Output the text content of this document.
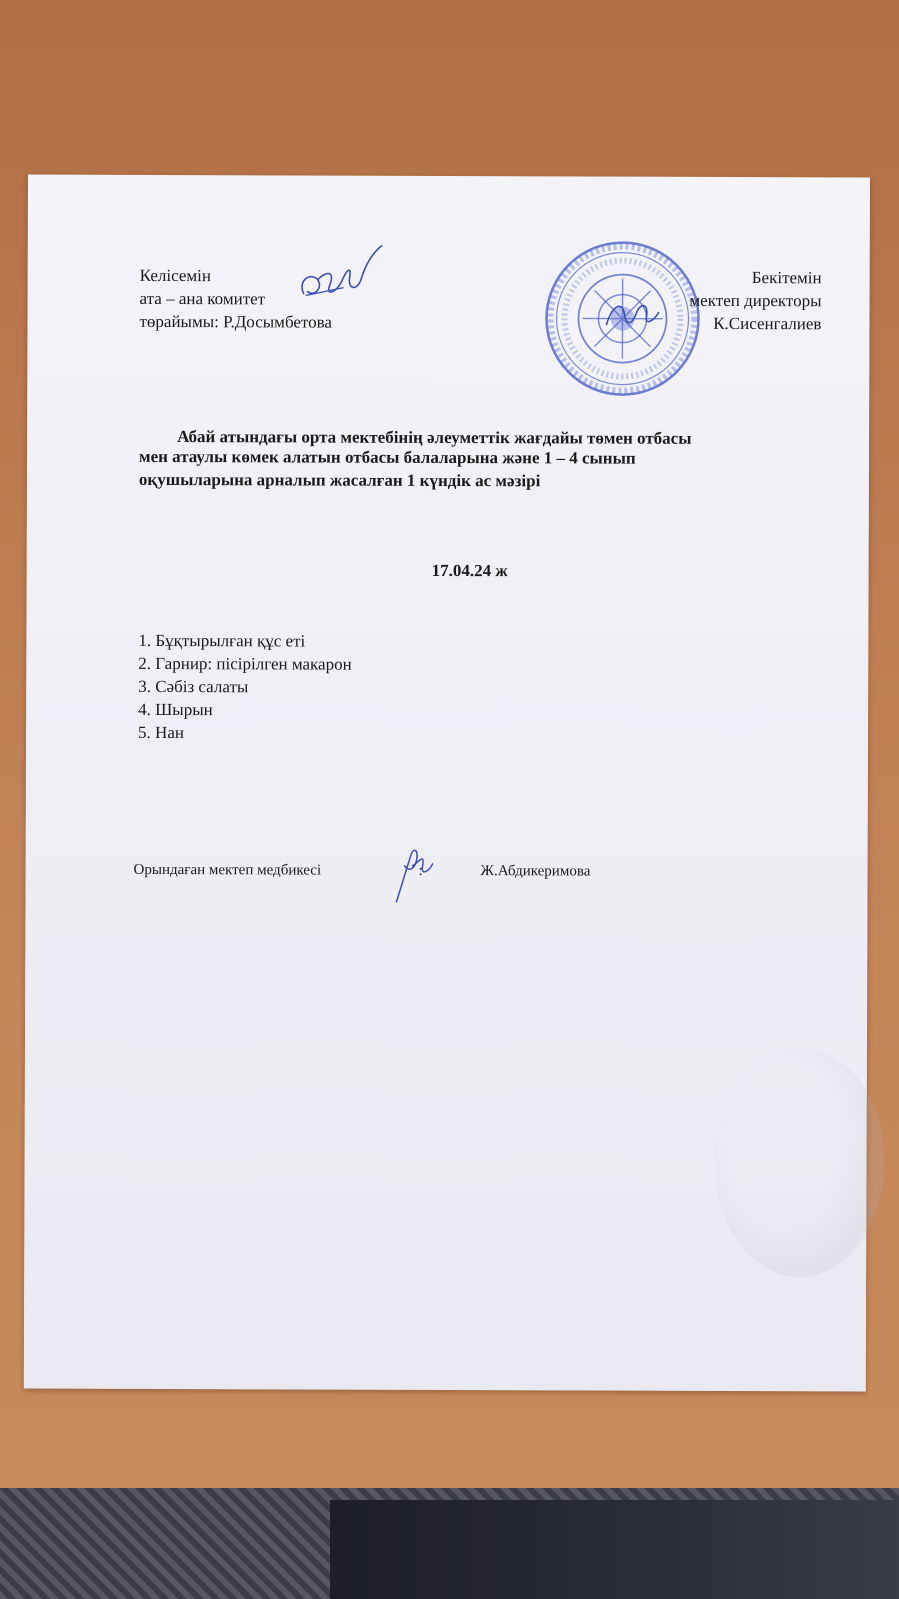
Келісемін
ата – ана комитет
төрайымы: Р.Досымбетова
Бекітемін
мектеп директоры
К.Сисенгалиев
Абай атындағы орта мектебінің әлеуметтік жағдайы төмен отбасы
мен атаулы көмек алатын отбасы балаларына және 1 – 4 сынып
оқушыларына арналып жасалған 1 күндік ас мәзірі
17.04.24 ж
1. Бұқтырылған құс еті
2. Гарнир: пісірілген макарон
3. Сәбіз салаты
4. Шырын
5. Нан
Орындаған мектеп медбикесі	:	Ж.Абдикеримова
